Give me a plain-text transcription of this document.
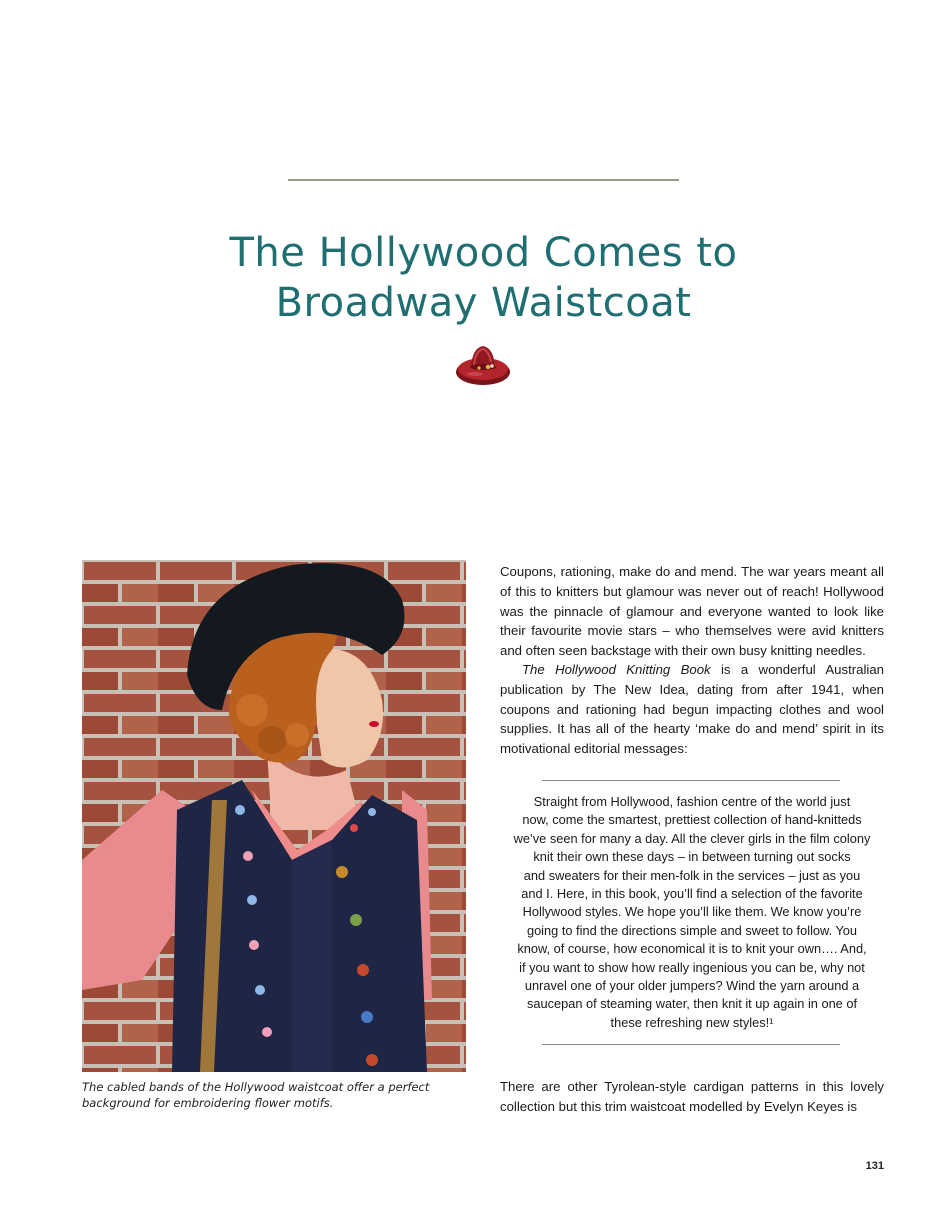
The Hollywood Comes to
Broadway Waistcoat
The cabled bands of the Hollywood waistcoat offer a perfect background for embroidering flower motifs.

Coupons, rationing, make do and mend. The war years meant all of this to knitters but glamour was never out of reach! Hollywood was the pinnacle of glamour and everyone wanted to look like their favourite movie stars – who themselves were avid knitters and often seen backstage with their own busy knitting needles.

The Hollywood Knitting Book is a wonderful Australian publication by The New Idea, dating from after 1941, when coupons and rationing had begun impacting clothes and wool supplies. It has all of the hearty ‘make do and mend’ spirit in its motivational editorial messages:

Straight from Hollywood, fashion centre of the world just
now, come the smartest, prettiest collection of hand-knitteds
we’ve seen for many a day. All the clever girls in the film colony
knit their own these days – in between turning out socks
and sweaters for their men-folk in the services – just as you
and I. Here, in this book, you’ll find a selection of the favorite
Hollywood styles. We hope you’ll like them. We know you’re
going to find the directions simple and sweet to follow. You
know, of course, how economical it is to knit your own…. And,
if you want to show how really ingenious you can be, why not
unravel one of your older jumpers? Wind the yarn around a
saucepan of steaming water, then knit it up again in one of
these refreshing new styles!¹

There are other Tyrolean-style cardigan patterns in this lovely collection but this trim waistcoat modelled by Evelyn Keyes is

131
